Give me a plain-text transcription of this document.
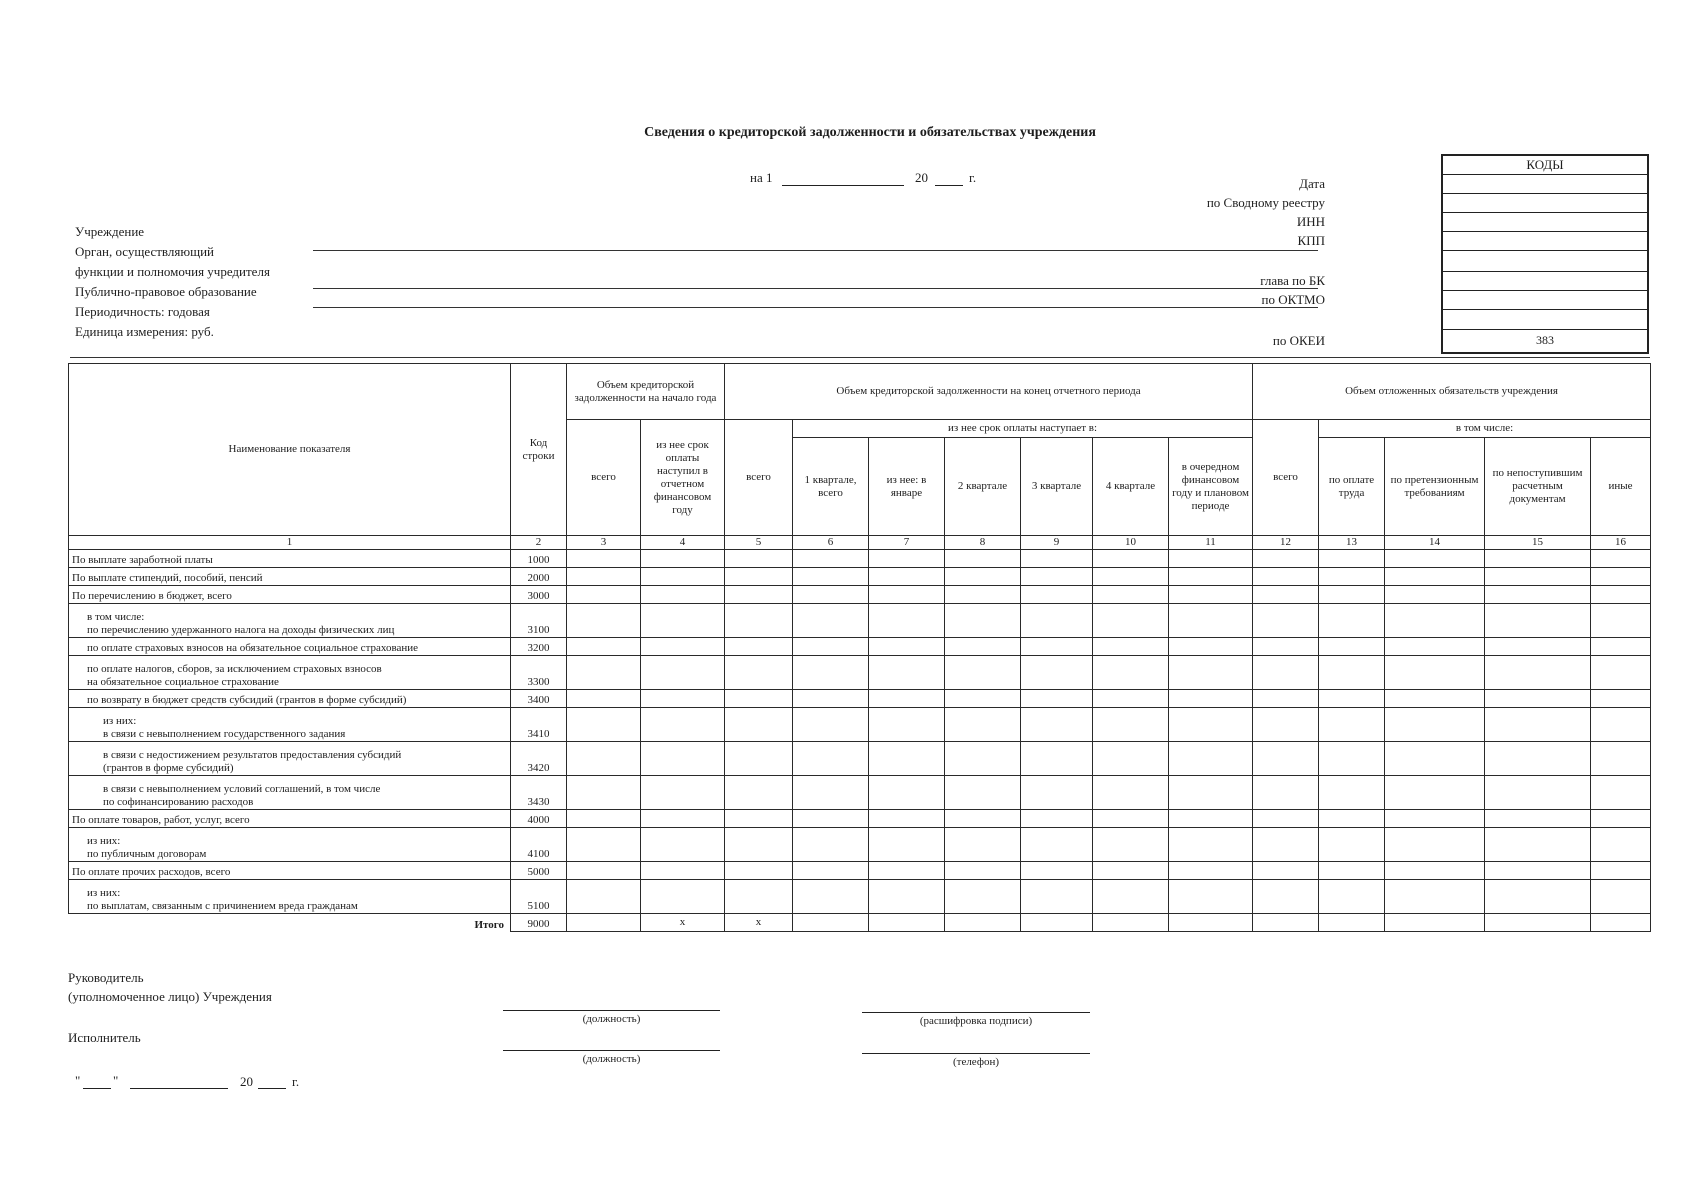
Сведения о кредиторской задолженности и обязательствах учреждения
на 1	20	г.
Учреждение
Орган, осуществляющий
функции и полномочия учредителя
Публично-правовое образование
Периодичность: годовая
Единица измерения: руб.
Дата
по Сводному реестру
ИНН
КПП
глава по БК
по ОКТМО
по ОКЕИ
КОДЫ
383
Наименование показателя	Код строки	Объем кредиторской задолженности на начало года		Объем кредиторской задолженности на конец отчетного периода							Объем отложенных обязательств учреждения				
		всего	из нее срок оплаты наступил в отчетном финансовом году	всего	из нее срок оплаты наступает в:						всего	в том числе:			
					1 квартале, всего	из нее: в январе	2 квартале	3 квартале	4 квартале	в очередном финансовом году и плановом периоде		по оплате труда	по претензионным требованиям	по непоступившим расчетным документам	иные
1	2	3	4	5	6	7	8	9	10	11	12	13	14	15	16

По выплате заработной платы	1000														

По выплате стипендий, пособий, пенсий	2000														

По перечислению в бюджет, всего	3000														

в том числе:
по перечислению удержанного налога на доходы физических лиц	3100														

по оплате страховых взносов на обязательное социальное страхование	3200														

по оплате налогов, сборов, за исключением страховых взносов
на обязательное социальное страхование	3300														

по возврату в бюджет средств субсидий (грантов в форме субсидий)	3400														

из них:
в связи с невыполнением государственного задания	3410														

в связи с недостижением результатов предоставления субсидий
(грантов в форме субсидий)	3420														

в связи с невыполнением условий соглашений, в том числе
по софинансированию расходов	3430														

По оплате товаров, работ, услуг, всего	4000														

из них:
по публичным договорам	4100														

По оплате прочих расходов, всего	5000														

из них:
по выплатам, связанным с причинением вреда гражданам	5100														
Итого	9000		x	x											
Руководитель
(уполномоченное лицо) Учреждения
(должность)	(расшифровка подписи)
Исполнитель
(должность)	(телефон)
"	"	20	г.
